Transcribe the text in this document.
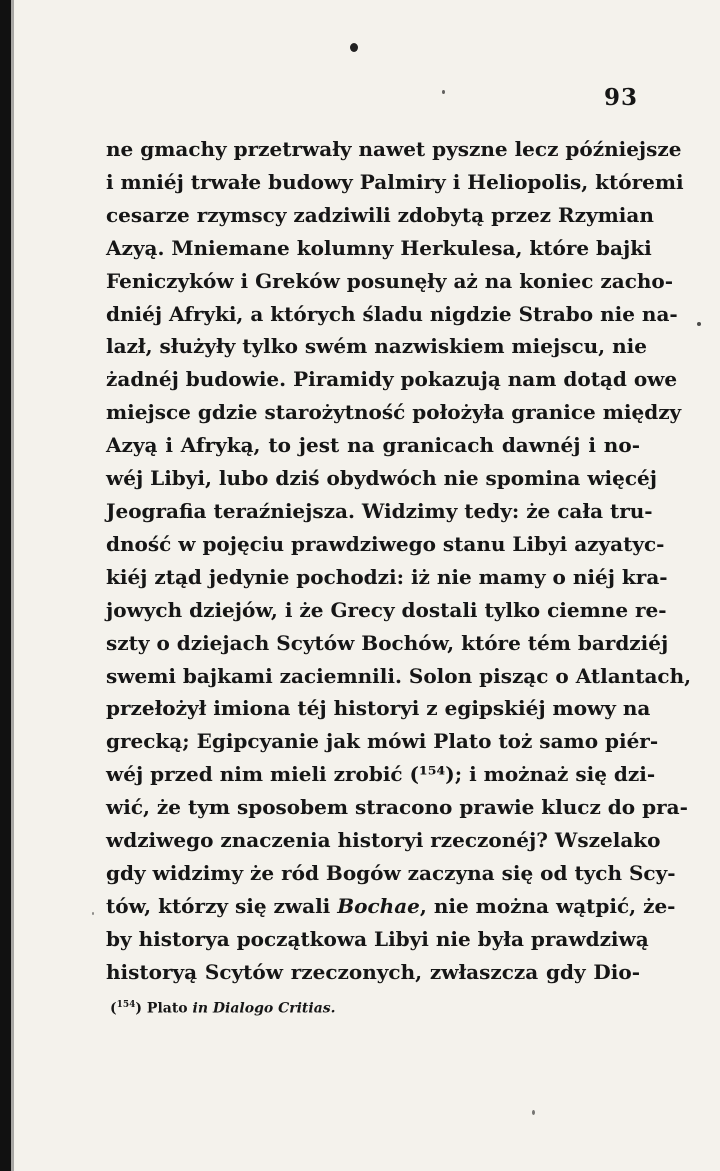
93
ne gmachy przetrwały nawet pyszne lecz późniejsze
i mniéj trwałe budowy Palmiry i Heliopolis, któremi
cesarze rzymscy zadziwili zdobytą przez Rzymian
Azyą. Mniemane kolumny Herkulesa, które bajki
Feniczyków i Greków posunęły aż na koniec zacho-
dniéj Afryki, a których śladu nigdzie Strabo nie na-
lazł, służyły tylko swém nazwiskiem miejscu, nie
żadnéj budowie. Piramidy pokazują nam dotąd owe
miejsce gdzie starożytność położyła granice między
Azyą i Afryką, to jest na granicach dawnéj i no-
wéj Libyi, lubo dziś obydwóch nie spomina więcéj
Jeografia teraźniejsza. Widzimy tedy: że cała tru-
dność w pojęciu prawdziwego stanu Libyi azyatyc-
kiéj ztąd jedynie pochodzi: iż nie mamy o niéj kra-
jowych dziejów, i że Grecy dostali tylko ciemne re-
szty o dziejach Scytów Bochów, które tém bardziéj
swemi bajkami zaciemnili. Solon pisząc o Atlantach,
przełożył imiona téj historyi z egipskiéj mowy na
grecką; Egipcyanie jak mówi Plato toż samo piér-
wéj przed nim mieli zrobić (¹⁵⁴); i możnaż się dzi-
wić, że tym sposobem stracono prawie klucz do pra-
wdziwego znaczenia historyi rzeczonéj? Wszelako
gdy widzimy że ród Bogów zaczyna się od tych Scy-
tów, którzy się zwali Bochae, nie można wątpić, że-
by historya początkowa Libyi nie była prawdziwą
historyą Scytów rzeczonych, zwłaszcza gdy Dio-
($^{154}$) Plato in Dialogo Critias.
